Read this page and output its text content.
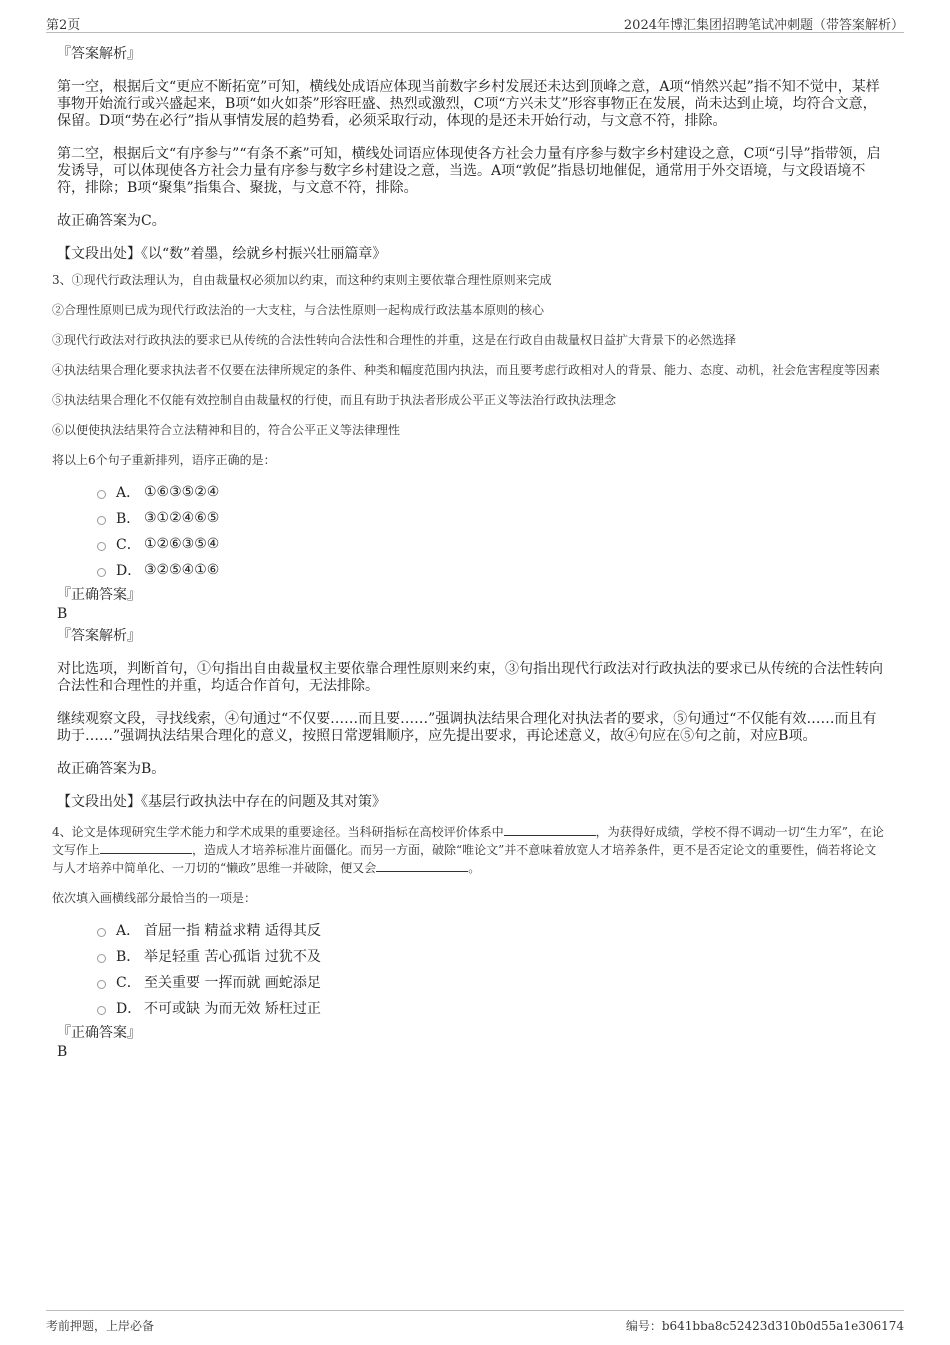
第2页	2024年博汇集团招聘笔试冲刺题（带答案解析）
『答案解析』
第一空，根据后文“更应不断拓宽”可知，横线处成语应体现当前数字乡村发展还未达到顶峰之意，A项“悄然兴起”指不知不觉中，某样事物开始流行或兴盛起来，B项“如火如荼”形容旺盛、热烈或激烈，C项“方兴未艾”形容事物正在发展，尚未达到止境，均符合文意，保留。D项“势在必行”指从事情发展的趋势看，必须采取行动，体现的是还未开始行动，与文意不符，排除。
第二空，根据后文“有序参与”“有条不紊”可知，横线处词语应体现使各方社会力量有序参与数字乡村建设之意，C项“引导”指带领，启发诱导，可以体现使各方社会力量有序参与数字乡村建设之意，当选。A项“敦促”指恳切地催促，通常用于外交语境，与文段语境不符，排除；B项“聚集”指集合、聚拢，与文意不符，排除。
故正确答案为C。
【文段出处】《以“数”着墨，绘就乡村振兴壮丽篇章》
3、①现代行政法理认为，自由裁量权必须加以约束，而这种约束则主要依靠合理性原则来完成
②合理性原则已成为现代行政法治的一大支柱，与合法性原则一起构成行政法基本原则的核心
③现代行政法对行政执法的要求已从传统的合法性转向合法性和合理性的并重，这是在行政自由裁量权日益扩大背景下的必然选择
④执法结果合理化要求执法者不仅要在法律所规定的条件、种类和幅度范围内执法，而且要考虑行政相对人的背景、能力、态度、动机，社会危害程度等因素
⑤执法结果合理化不仅能有效控制自由裁量权的行使，而且有助于执法者形成公平正义等法治行政执法理念
⑥以便使执法结果符合立法精神和目的，符合公平正义等法律理性
将以上6个句子重新排列，语序正确的是：
A． ①⑥③⑤②④
B． ③①②④⑥⑤
C． ①②⑥③⑤④
D． ③②⑤④①⑥
『正确答案』
B
『答案解析』
对比选项，判断首句，①句指出自由裁量权主要依靠合理性原则来约束，③句指出现代行政法对行政执法的要求已从传统的合法性转向合法性和合理性的并重，均适合作首句，无法排除。
继续观察文段，寻找线索，④句通过“不仅要……而且要……”强调执法结果合理化对执法者的要求，⑤句通过“不仅能有效……而且有助于……”强调执法结果合理化的意义，按照日常逻辑顺序，应先提出要求，再论述意义，故④句应在⑤句之前，对应B项。
故正确答案为B。
【文段出处】《基层行政执法中存在的问题及其对策》
4、论文是体现研究生学术能力和学术成果的重要途径。当科研指标在高校评价体系中	，为获得好成绩，学校不得不调动一切“生力军”，在论文写作上	，造成人才培养标准片面僵化。而另一方面，破除“唯论文”并不意味着放宽人才培养条件，更不是否定论文的重要性，倘若将论文与人才培养中简单化、一刀切的“懒政”思维一并破除，便又会	。
依次填入画横线部分最恰当的一项是：
A． 首屈一指 精益求精 适得其反
B． 举足轻重 苦心孤诣 过犹不及
C． 至关重要 一挥而就 画蛇添足
D． 不可或缺 为而无效 矫枉过正
『正确答案』
B
考前押题，上岸必备	编号：b641bba8c52423d310b0d55a1e306174
